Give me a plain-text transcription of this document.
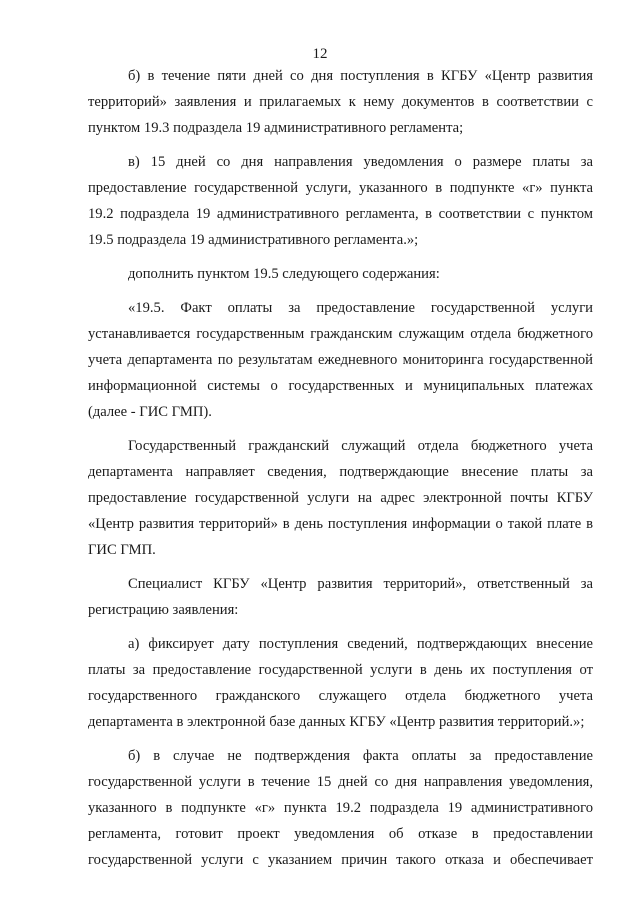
12

б) в течение пяти дней со дня поступления в КГБУ «Центр развития территорий» заявления и прилагаемых к нему документов в соответствии с пунктом 19.3 подраздела 19 административного регламента;

в) 15 дней со дня направления уведомления о размере платы за предоставление государственной услуги, указанного в подпункте «г» пункта 19.2 подраздела 19 административного регламента, в соответствии с пунктом 19.5 подраздела 19 административного регламента.»;

дополнить пунктом 19.5 следующего содержания:

«19.5. Факт оплаты за предоставление государственной услуги устанавливается государственным гражданским служащим отдела бюджетного учета департамента по результатам ежедневного мониторинга государственной информационной системы о государственных и муниципальных платежах (далее - ГИС ГМП).

Государственный гражданский служащий отдела бюджетного учета департамента направляет сведения, подтверждающие внесение платы за предоставление государственной услуги на адрес электронной почты КГБУ «Центр развития территорий» в день поступления информации о такой плате в ГИС ГМП.

Специалист КГБУ «Центр развития территорий», ответственный за регистрацию заявления:

а) фиксирует дату поступления сведений, подтверждающих внесение платы за предоставление государственной услуги в день их поступления от государственного гражданского служащего отдела бюджетного учета департамента в электронной базе данных КГБУ «Центр развития территорий.»;

б) в случае не подтверждения факта оплаты за предоставление государственной услуги в течение 15 дней со дня направления уведомления, указанного в подпункте «г» пункта 19.2 подраздела 19 административного регламента, готовит проект уведомления об отказе в предоставлении государственной услуги с указанием причин такого отказа и обеспечивает
